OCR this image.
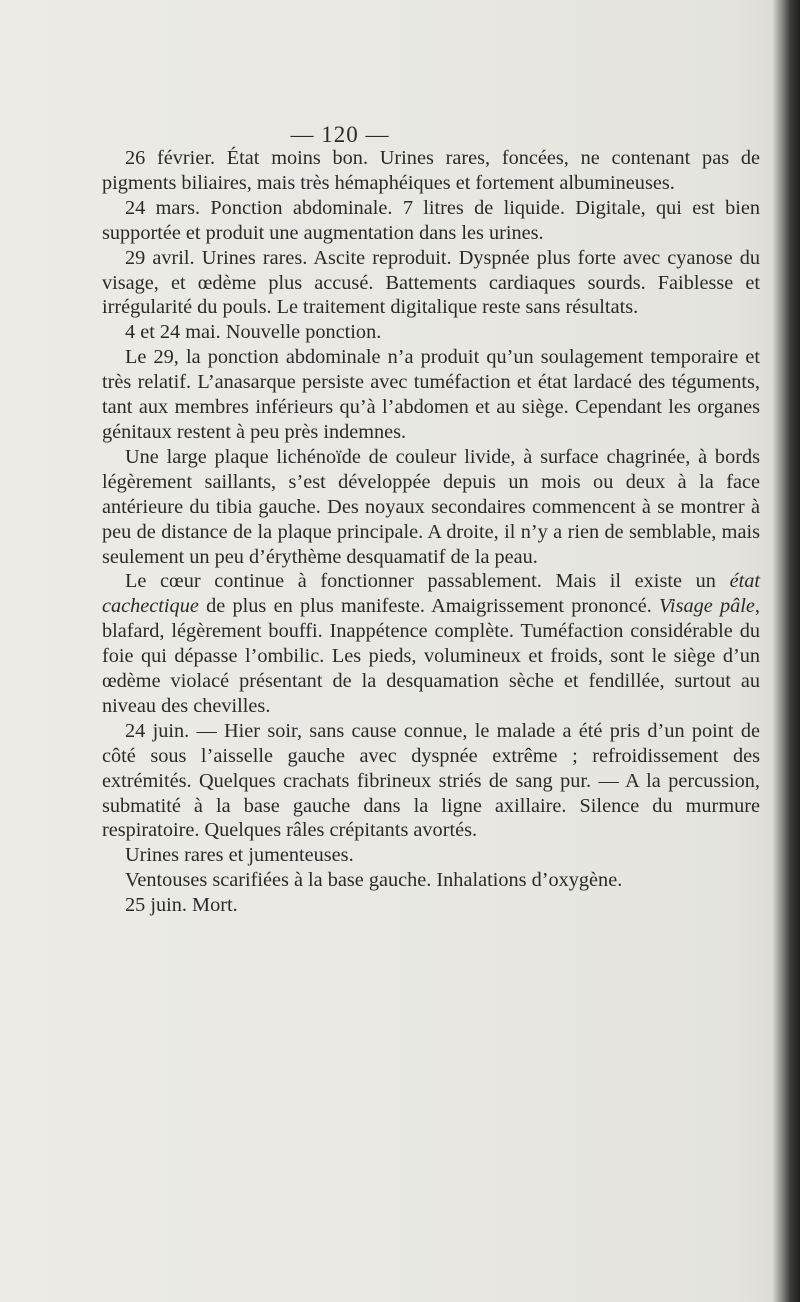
— 120 —

26 février. État moins bon. Urines rares, foncées, ne contenant pas de pigments biliaires, mais très hémaphéiques et fortement albumineuses.

24 mars. Ponction abdominale. 7 litres de liquide. Digitale, qui est bien supportée et produit une augmentation dans les urines.

29 avril. Urines rares. Ascite reproduit. Dyspnée plus forte avec cyanose du visage, et œdème plus accusé. Battements cardiaques sourds. Faiblesse et irrégularité du pouls. Le traitement digitalique reste sans résultats.

4 et 24 mai. Nouvelle ponction.

Le 29, la ponction abdominale n’a produit qu’un soulagement temporaire et très relatif. L’anasarque persiste avec tuméfaction et état lardacé des téguments, tant aux membres inférieurs qu’à l’abdomen et au siège. Cependant les organes génitaux restent à peu près indemnes.

Une large plaque lichénoïde de couleur livide, à surface chagrinée, à bords légèrement saillants, s’est développée depuis un mois ou deux à la face antérieure du tibia gauche. Des noyaux secondaires commencent à se montrer à peu de distance de la plaque principale. A droite, il n’y a rien de semblable, mais seulement un peu d’érythème desquamatif de la peau.

Le cœur continue à fonctionner passablement. Mais il existe un état cachectique de plus en plus manifeste. Amaigrissement prononcé. Visage pâle, blafard, légèrement bouffi. Inappétence complète. Tuméfaction considérable du foie qui dépasse l’ombilic. Les pieds, volumineux et froids, sont le siège d’un œdème violacé présentant de la desquamation sèche et fendillée, surtout au niveau des chevilles.

24 juin. — Hier soir, sans cause connue, le malade a été pris d’un point de côté sous l’aisselle gauche avec dyspnée extrême ; refroidissement des extrémités. Quelques crachats fibrineux striés de sang pur. — A la percussion, submatité à la base gauche dans la ligne axillaire. Silence du murmure respiratoire. Quelques râles crépitants avortés.

Urines rares et jumenteuses.

Ventouses scarifiées à la base gauche. Inhalations d’oxygène.

25 juin. Mort.
